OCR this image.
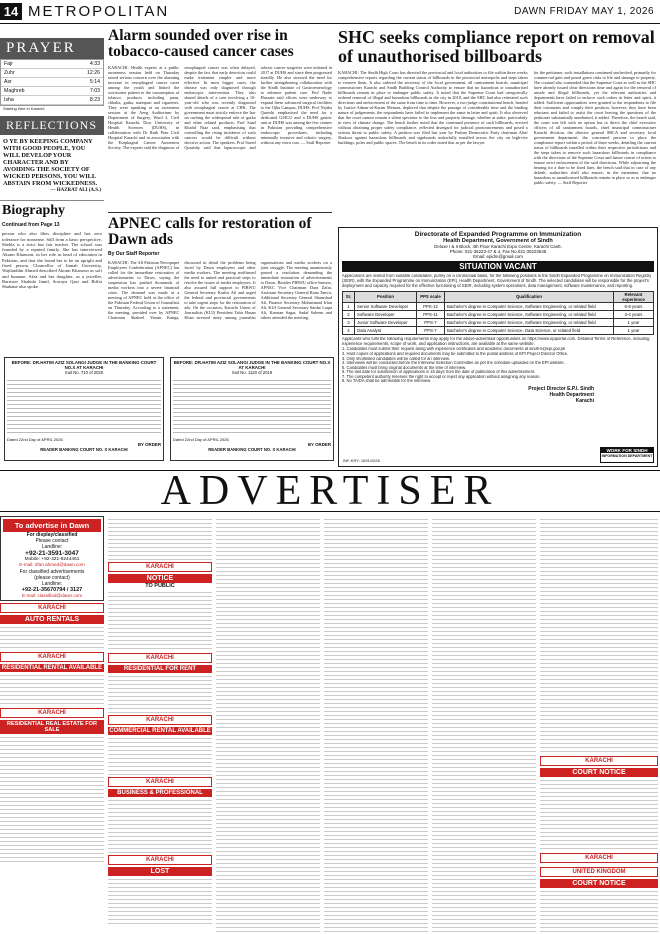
14 METROPOLITAN	DAWN FRIDAY MAY 1, 2026
PRAYER
Fajr	4:33
Zuhr	12:26
Asr	5:14
Maghreb	7:03
Isha	8:23
Starting time in Karachi
REFLECTIONS
O YE BY KEEPING COMPANY WITH GOOD PEOPLE, YOU WILL DEVELOP YOUR CHARACTER AND BY AVOIDING THE SOCIETY OF WICKED PERSONS, YOU WILL ABSTAIN FROM WICKEDNESS.
— HAZRAT ALI (A.S.)
Biography
Continued from Page 13
person who also likes discipline and has zero tolerance for nonsense. Still from a basic perspective, Shehla is a strict but fair teacher. The school was founded by a reputed family. She has interviewed Akram Khanoon, in her role as head of education in Pakistan, and that she found her to be an upright and fixed person. Chancellor of Jinnah University, Wajihuddin Ahmed described Akram Khanoon as soft and humane. Afza and her daughter, as a jeweller, Barrister Shahida Jamil, Sorraya Qazi and Riffat Shabana also spoke.
Alarm sounded over rise in tobacco-caused cancer cases
KARACHI: Health experts at a public awareness session held on Thursday raised serious concern over the alarming increase in oesophageal cancer cases among the youth and linked the worrisome pattern to the consumption of tobacco products including paan, chhalia, gutka, mainpuri and cigarettes. They were speaking at an awareness session at the Aeeg Auditorium by Department of Surgery, Ward 3, Civil Hospital Karachi, Dow University of Health Sciences (DUHS), in collaboration with Dr Ruth Pfau Civil Hospital Karachi and in association with the Esophageal Cancer Awareness Society. The experts said the diagnosis of oesophageal cancer was often delayed, despite the fact that early detection could make treatment simpler and more effective. In most bigger cases, the disease was only diagnosed through endoscopic intervention. They also shared details of a case involving a 10-year-old who was recently diagnosed with oesophageal cancer at CHK. The government must strictly enforce the law on curbing the widespread sale of gutka and other related products, Prof Saad Khalid Niaz said, emphasising that controlling the rising incidence of such cancers would be difficult without decisive action. The speakers, Prof Saeed Quraishy said that laparoscopic and robotic cancer surgeries were initiated in 2017 at DUHS and since then progressed steadily. He also stressed the need for further strengthening collaboration with the Sindh Institute of Gastroenterology to enhance patient care. Prof Nadir Hussain said efforts were underway to expand these advanced surgical facilities to the Ojha Campus, DUHS. Prof Najiba Qureshi emphasised the need for a dedicated GI/ICU and a DUHS gastric unit at DUHS was among the few centres in Pakistan providing comprehensive endoscopic procedures, including minimally invasive and robotic surgery, without any extra cost. — Staff Reporter
APNEC calls for restoration of Dawn ads
By Our Staff Reporter
KARACHI: The All Pakistan Newspaper Employees Confederation (APNEC) has called for the immediate restoration of advertisements to Dawn, saying the suspension has pushed thousands of media workers into a severe financial crisis. The demand was made at a meeting of APNEC held at the office of the Pakistan Federal Union of Journalists on Thursday. According to a statement, the meeting, presided over by APNEC Chairman Shakeel Yamin Kanga, discussed in detail the problems being faced by Dawn employees and other media workers. The meeting reaffirmed the need to united and practical steps to resolve the issues of media employees. It also assured full support to PIBWU General Secretary Kashir Ali and urged the federal and provincial governments to take urgent steps for the restoration of ads. On the occasion, Karachi Union of Journalists (KUJ) President Tahir Hasan Khan stressed unity among journalist organisations and media workers on a joint struggle. The meeting unanimously passed a resolution demanding the immediate restoration of advertisements to Dawn. Besides PIBWU office-bearers, APNEC Vice Chairman Dara Zafar, Assistant Secretary General Rana Tanvir, Additional Secretary General Shamshad Ali, Finance Secretary Mohammad Irfan Ali, KUJ General Secretary Sardar Laqat Ali, Kamran Sagar, Sadaf Saleem and others attended the meeting.
SHC seeks compliance report on removal of unauthorised billboards
KARACHI: The Sindh High Court has directed the provincial and local authorities to file within three weeks comprehensive reports regarding the current status of billboards in the provincial metropolis and steps taken to remove them. It also ordered the secretary of the local government, all cantonment boards, municipal commissioner Karachi and Sindh Building Control Authority to ensure that no hazardous or unauthorised billboards remain in place to endanger public safety. It noted that the Supreme Court had categorically ordered removal of illegal and hazardous billboards in the city in 2018, and the SHC had also reiterated such directions and enforcement of the same from time to time. However, a two-judge constitutional bench, headed by Justice Adnan-ul-Karim Memon, deplored that despite the passage of considerable time and the binding nature of judgements, the respondents have failed to implement the same in letter and spirit. It also observed that the court cannot remain a silent spectator to the loss and property damage, whether at stake, particularly in view of climate change. The bench further noted that the continued presence of such billboards, erected without obtaining proper safety compliance, reflected disregard for judicial pronouncements and posed a serious threat to public safety. A petition was filed last year by Pasban Democratic Party chairman Altaf Shakoor against hazardous billboards and signboards unlawfully installed across the city on high-rise buildings, poles and public spaces. The bench in its order noted that as per the lawyer
for the petitioner, such installations continued unchecked, primarily for commercial gain and posed grave risks to life and damage to property. The counsel also contended that the Supreme Court as well as the SHC have already issued clear directions time and again for the removal of unsafe and illegal billboards, yet the relevant authorities and departments have failed to enforce such orders in letter and spirit, it added. Sufficient opportunities were granted to the respondents to file their comments and comply their position, however, they have been reluctant and failed to assist the court leaving the questions of the petitioner substantially unrebutted, it added. Therefore, the bench said, the court was left with no option but to direct the chief executive officers of all cantonment boards, chief municipal commissioner Karachi division, the director general SBCA and secretary local government department, the concerned persons to place the compliance report within a period of three weeks, detailing the current status of billboards installed within their respective jurisdictions and the steps taken to remove such hazardous billboards in compliance with the directions of the Supreme Court and future course of action to ensure strict enforcement of the said directions. While adjourning the hearing for a date to be fixed later, the bench said that in case of any default, authorities shall also ensure, in the meantime, that no hazardous or unauthorised billboards remain in place so as to endanger public safety. — Staff Reporter
Directorate of Expanded Programme on Immunization
Health Department, Government of Sindh
Deluxe I & II Block, 4th Floor Karachi Expo Centre, Karachi Cantt.
Phone: 021-35223-47 & 4, Fax No.021-35223645
Email: epidm@gmail.com
SITUATION VACANT
Applications are invited from suitable candidates, purely on a contractual basis, for the following positions in the Sindh Expanded Programme on Immunization Registry (SEIR), with the Expanded Programme on Immunization (EPI), Health Department, Government of Sindh. The selected candidates will be responsible for the project's deployment and capacity required for the effective functioning of SEIR, including system operations, data management, software maintenance, and reporting.
Sr.	Position	PPS scale	Qualification	Relevant experience
1	Senior Software Developer	PPS-12	Bachelor's degree in Computer Science, Software Engineering, or related field	6-8 years
2	Software Developer	PPS-11	Bachelor's degree in Computer Science, Software Engineering, or related field	3-4 years
3	Junior Software Developer	PPS-7	Bachelor's degree in Computer Science, Software Engineering, or related field	1 year
4	Data Analyst	PPS-7	Bachelor's degree in Computer Science, Data Science, or related field	1 year
Applicants who fulfil the following requirements may apply for the above-advertised opportunities on https://www.epiportal.com. Detailed Terms of Reference, including experience requirements, scope of work, and application instructions, are available at the same website.
1. Candidates must submit their request along with experience certificates and academic documents at sindh-ti@epi.gov.pk
2. Hard copies of applications and required documents may be submitted to the postal address of EPI Project Director Office.
3. Only shortlisted candidates will be called for an interview.
4. Interviews will be conducted before the Interview Selection Committee as per the schedule uploaded on the EPI website.
5. Candidates must bring original documents at the time of interview.
6. The last date for submission of applications is 15 days from the date of publication of this advertisement.
7. The competent authority reserves the right to accept or reject any application without assigning any reason.
8. No TA/DA shall be admissible for the interview.
Project Director E.P.I. Sindh
Health Department
Karachi
INF-KRY: 1691/2026
WORK FOR SINDH
INFORMATION DEPARTMENT
BEFORE: DR.HATIM AZIZ SOLANGI JUDGE IN THE BANKING COURT NO.X AT KARACHI
Suit No. 710 of 2020
Dated 22nd Day of APRIL 2026
BY ORDER
READER BANKING COURT NO. X KARACHI
BEFORE: DR.HATIM AZIZ SOLANGI JUDGE IN THE BANKING COURT NO.X AT KARACHI
Suit No. 1120 of 2019
Dated 22nd Day of APRIL 2026
BY ORDER
READER BANKING COURT NO. X KARACHI
ADVERTISER
To advertise in Dawn
For display/classified
Please contact
Landline:
+92-21-3591-3047
Mobile: +92-321-8244461
E-mail: irfan.ahmed@dawn.com
For classified advertisements
(please contact)
Landline:
+92-21-35670794 / 3127
E-mail: classified@dawn.com
KARACHI
AUTO RENTALS
KARACHI
RESIDENTIAL RENTAL AVAILABLE
KARACHI
RESIDENTIAL REAL ESTATE FOR SALE
KARACHI
NOTICE
TO PUBLIC
KARACHI
RESIDENTIAL FOR RENT
KARACHI
COMMERCIAL RENTAL AVAILABLE
KARACHI
BUSINESS & PROFESSIONAL
KARACHI
LOST
KARACHI
COURT NOTICE
KARACHI
UNITED KINGDOM
COURT NOTICE
